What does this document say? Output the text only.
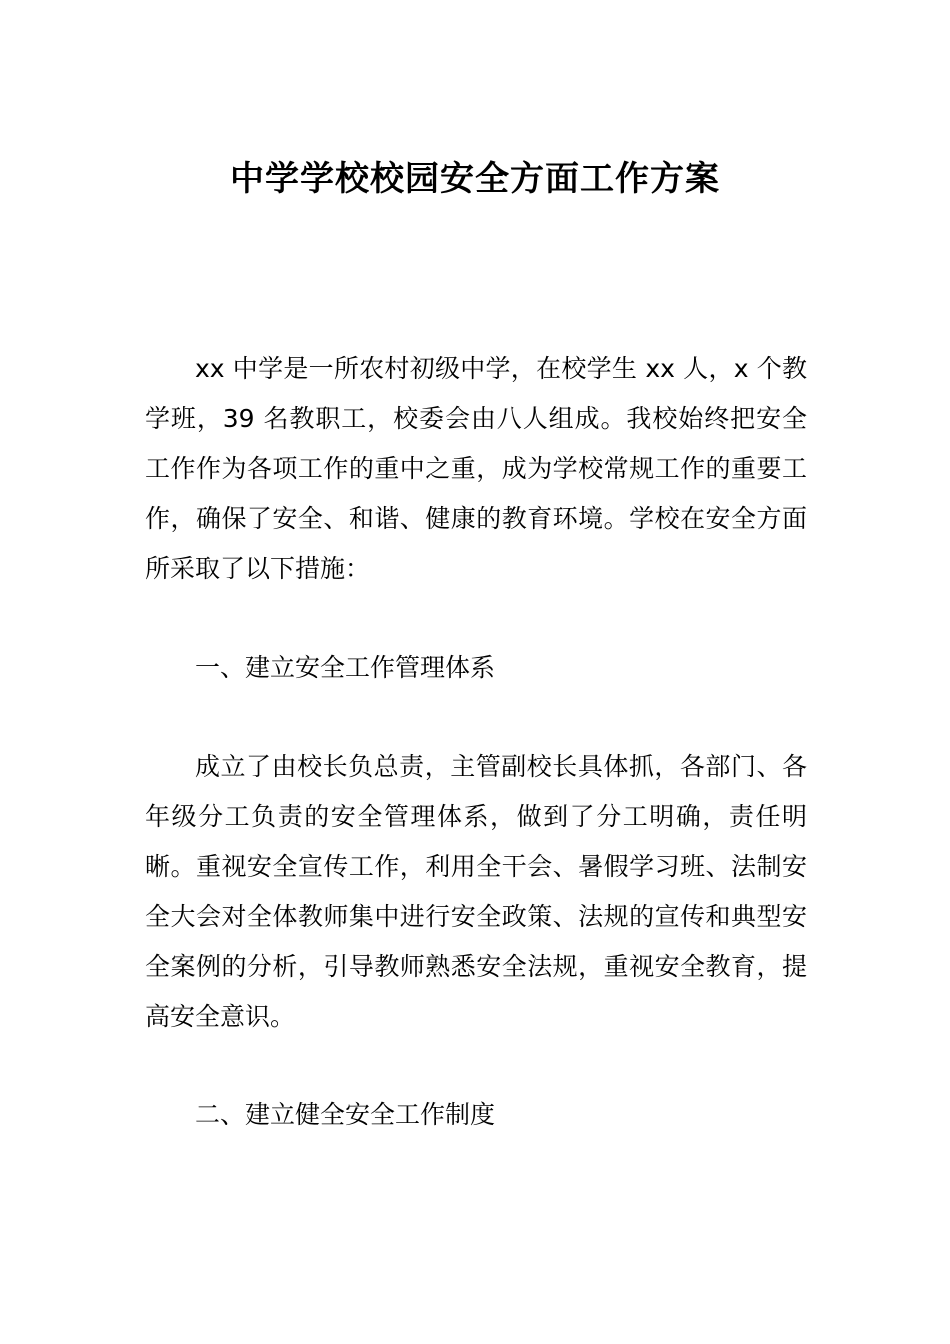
中学学校校园安全方面工作方案

xx 中学是一所农村初级中学，在校学生 xx 人，x 个教学班，39 名教职工，校委会由八人组成。我校始终把安全工作作为各项工作的重中之重，成为学校常规工作的重要工作，确保了安全、和谐、健康的教育环境。学校在安全方面所采取了以下措施：

一、建立安全工作管理体系

成立了由校长负总责，主管副校长具体抓，各部门、各年级分工负责的安全管理体系，做到了分工明确，责任明晰。重视安全宣传工作，利用全干会、暑假学习班、法制安全大会对全体教师集中进行安全政策、法规的宣传和典型安全案例的分析，引导教师熟悉安全法规，重视安全教育，提高安全意识。

二、建立健全安全工作制度
